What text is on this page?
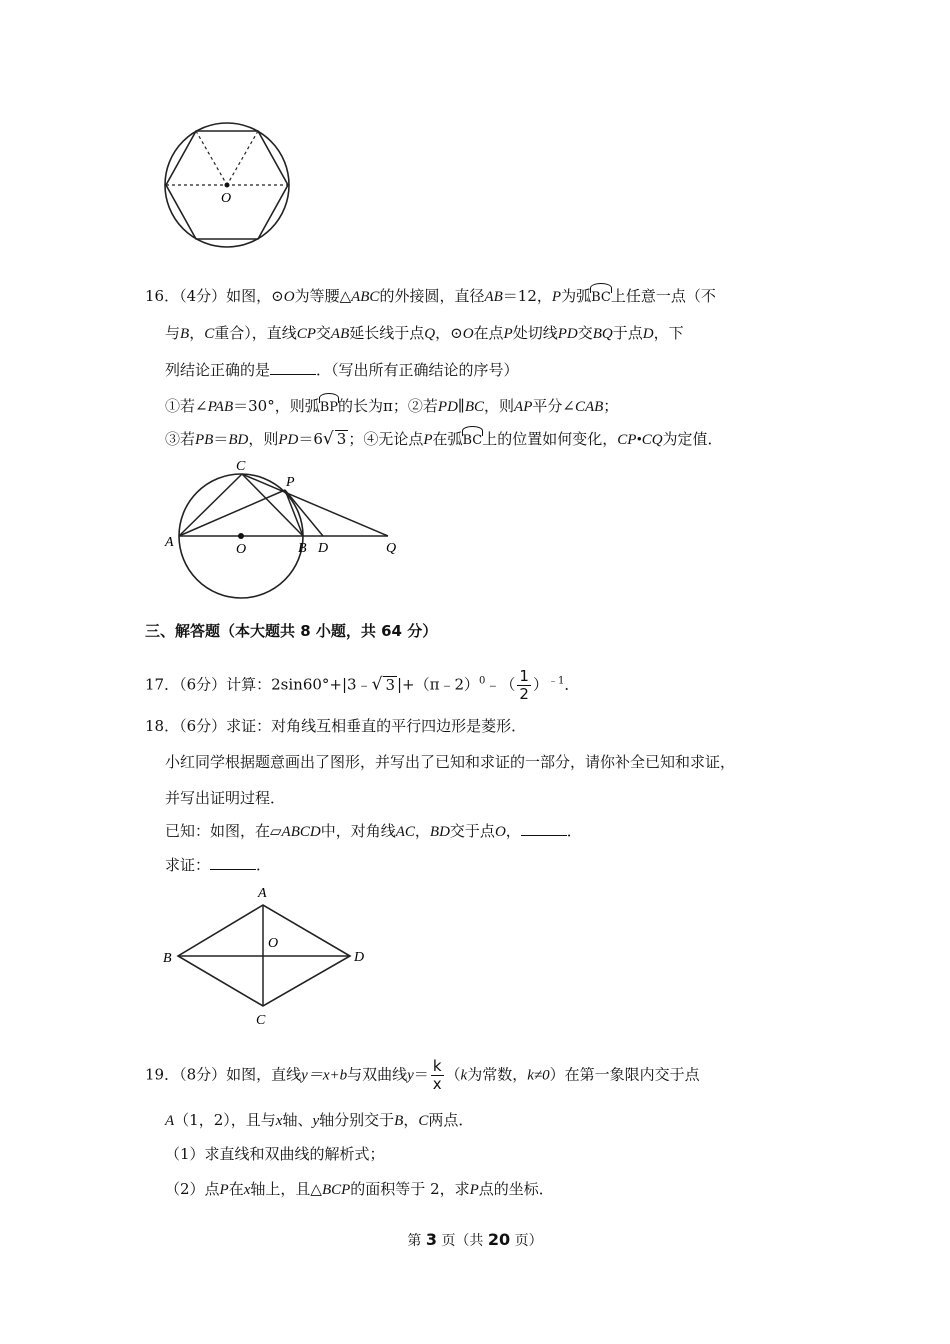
O
16．（4分）如图，⊙O为等腰△ABC的外接圆，直径AB＝12，P为弧BC上任意一点（不
与B，C重合），直线CP交AB延长线于点Q，⊙O在点P处切线PD交BQ于点D，下
列结论正确的是	．（写出所有正确结论的序号）
①若∠PAB＝30°，则弧BP的长为π；②若PD∥BC，则AP平分∠CAB；
③若PB＝BD，则PD＝6√ 3 ；④无论点P在弧BC上的位置如何变化，CP•CQ为定值．
A	O	B D	Q
C
P
三、解答题（本大题共 8 小题，共 64 分）
17．（6分）计算：2sin60°+|3﹣√ 3 |+（π﹣2）$^0$﹣（ $\frac{1}{2} )^{﹣1}$．
18．（6分）求证：对角线互相垂直的平行四边形是菱形．
小红同学根据题意画出了图形，并写出了已知和求证的一部分，请你补全已知和求证，
并写出证明过程．
已知：如图，在▱ABCD中，对角线AC，BD交于点O，	．
求证：	．
A
B
C
D
O
19．（8分）如图，直线y＝x+b与双曲线$y= \frac{k}{x} (k$为常数，k≠0）在第一象限内交于点
A（1，2），且与x轴、y轴分别交于B，C两点．
（1）求直线和双曲线的解析式；
（2）点P在x轴上，且△BCP的面积等于 2，求P点的坐标．
第 3 页（共 20 页）
